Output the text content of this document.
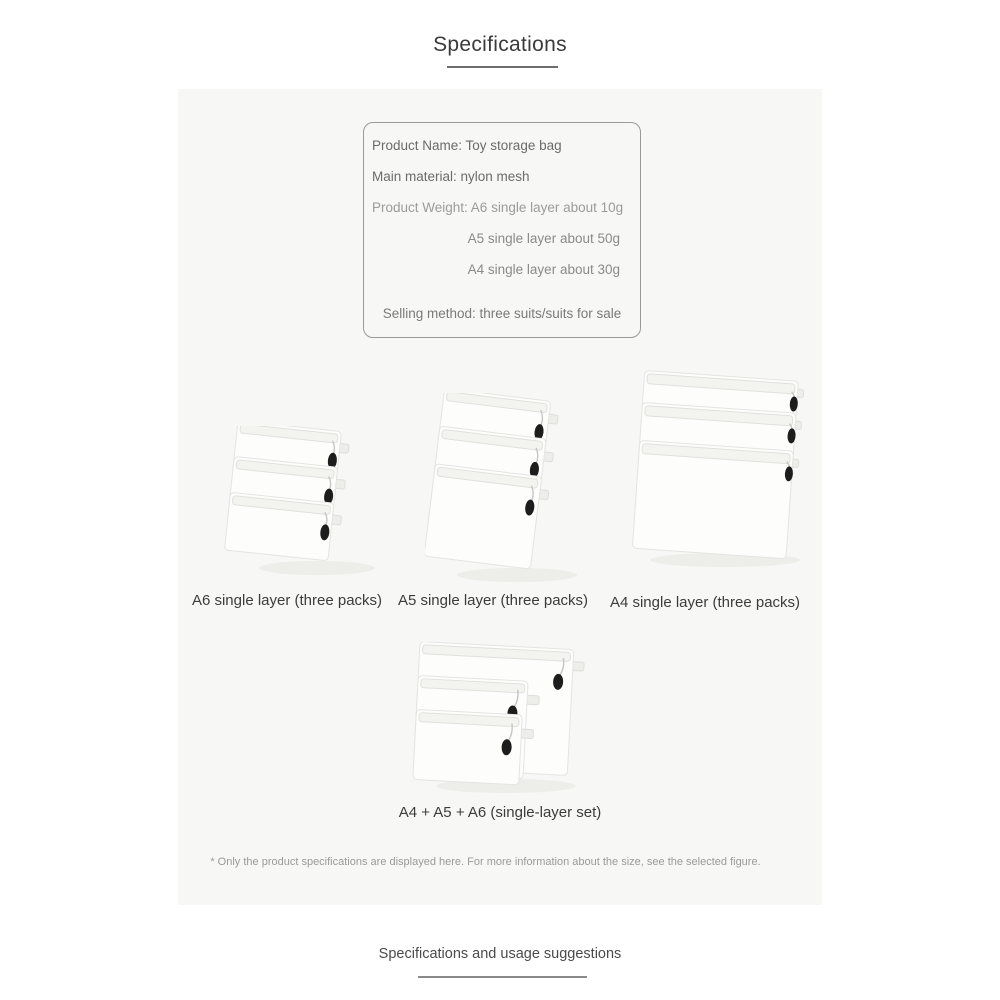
Specifications
Product Name: Toy storage bag
Main material: nylon mesh
Product Weight: A6 single layer about 10g
A5 single layer about 50g
A4 single layer about 30g
Selling method: three suits/suits for sale
A6 single layer (three packs) A5 single layer (three packs) A4 single layer (three packs)
A4 + A5 + A6 (single-layer set)
* Only the product specifications are displayed here. For more information about the size, see the selected figure.
Specifications and usage suggestions
